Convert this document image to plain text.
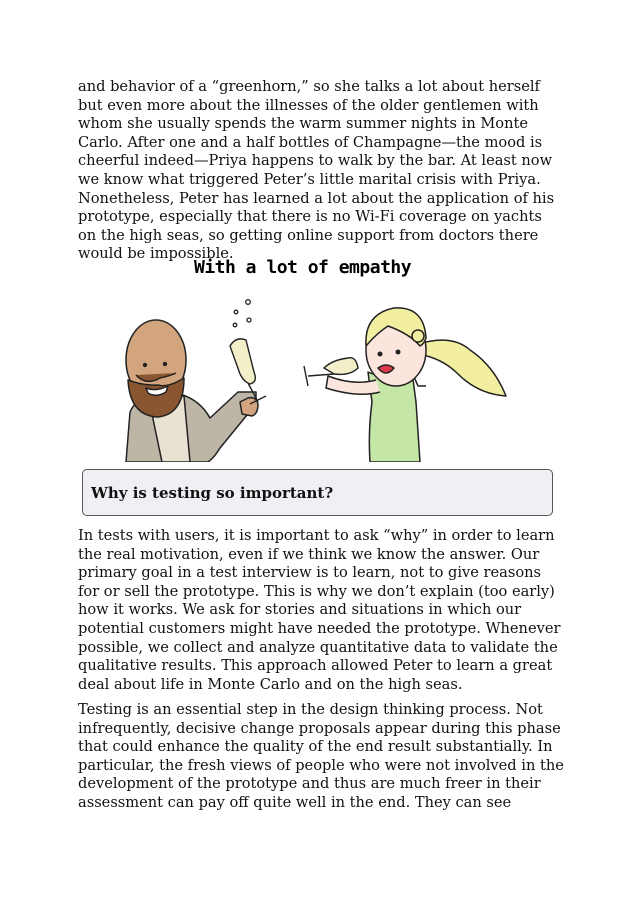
and behavior of a “greenhorn,” so she talks a lot about herself but even more about the illnesses of the older gentlemen with whom she usually spends the warm summer nights in Monte Carlo. After one and a half bottles of Champagne—the mood is cheerful indeed—Priya happens to walk by the bar. At least now we know what triggered Peter’s little marital crisis with Priya. Nonetheless, Peter has learned a lot about the application of his prototype, especially that there is no Wi-Fi coverage on yachts on the high seas, so getting online support from doctors there would be impossible.

With a lot of empathy

Why is testing so important?

In tests with users, it is important to ask “why” in order to learn the real motivation, even if we think we know the answer. Our primary goal in a test interview is to learn, not to give reasons for or sell the prototype. This is why we don’t explain (too early) how it works. We ask for stories and situations in which our potential customers might have needed the prototype. Whenever possible, we collect and analyze quantitative data to validate the qualitative results. This approach allowed Peter to learn a great deal about life in Monte Carlo and on the high seas.

Testing is an essential step in the design thinking process. Not infrequently, decisive change proposals appear during this phase that could enhance the quality of the end result substantially. In particular, the fresh views of people who were not involved in the development of the prototype and thus are much freer in their assessment can pay off quite well in the end. They can see
